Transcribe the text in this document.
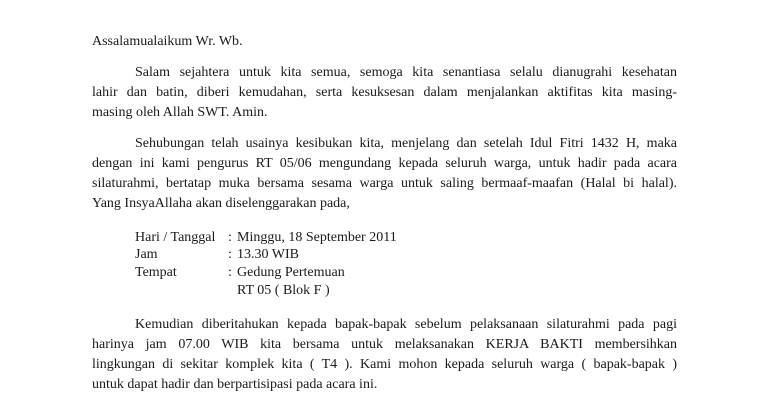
Assalamualaikum Wr. Wb.
Salam sejahtera untuk kita semua, semoga kita senantiasa selalu dianugrahi kesehatan
lahir dan batin, diberi kemudahan, serta kesuksesan dalam menjalankan aktifitas kita masing-
masing oleh Allah SWT. Amin.
Sehubungan telah usainya kesibukan kita, menjelang dan setelah Idul Fitri 1432 H, maka
dengan ini kami pengurus RT 05/06 mengundang kepada seluruh warga, untuk hadir pada acara
silaturahmi, bertatap muka bersama sesama warga untuk saling bermaaf-maafan (Halal bi halal).
Yang InsyaAllaha akan diselenggarakan pada,
Hari / Tanggal : Minggu, 18 September 2011
Jam	: 13.30 WIB
Tempat	: Gedung Pertemuan
RT 05 ( Blok F )
Kemudian diberitahukan kepada bapak-bapak sebelum pelaksanaan silaturahmi pada pagi
harinya jam 07.00 WIB kita bersama untuk melaksanakan KERJA BAKTI membersihkan
lingkungan di sekitar komplek kita ( T4 ). Kami mohon kepada seluruh warga ( bapak-bapak )
untuk dapat hadir dan berpartisipasi pada acara ini.
